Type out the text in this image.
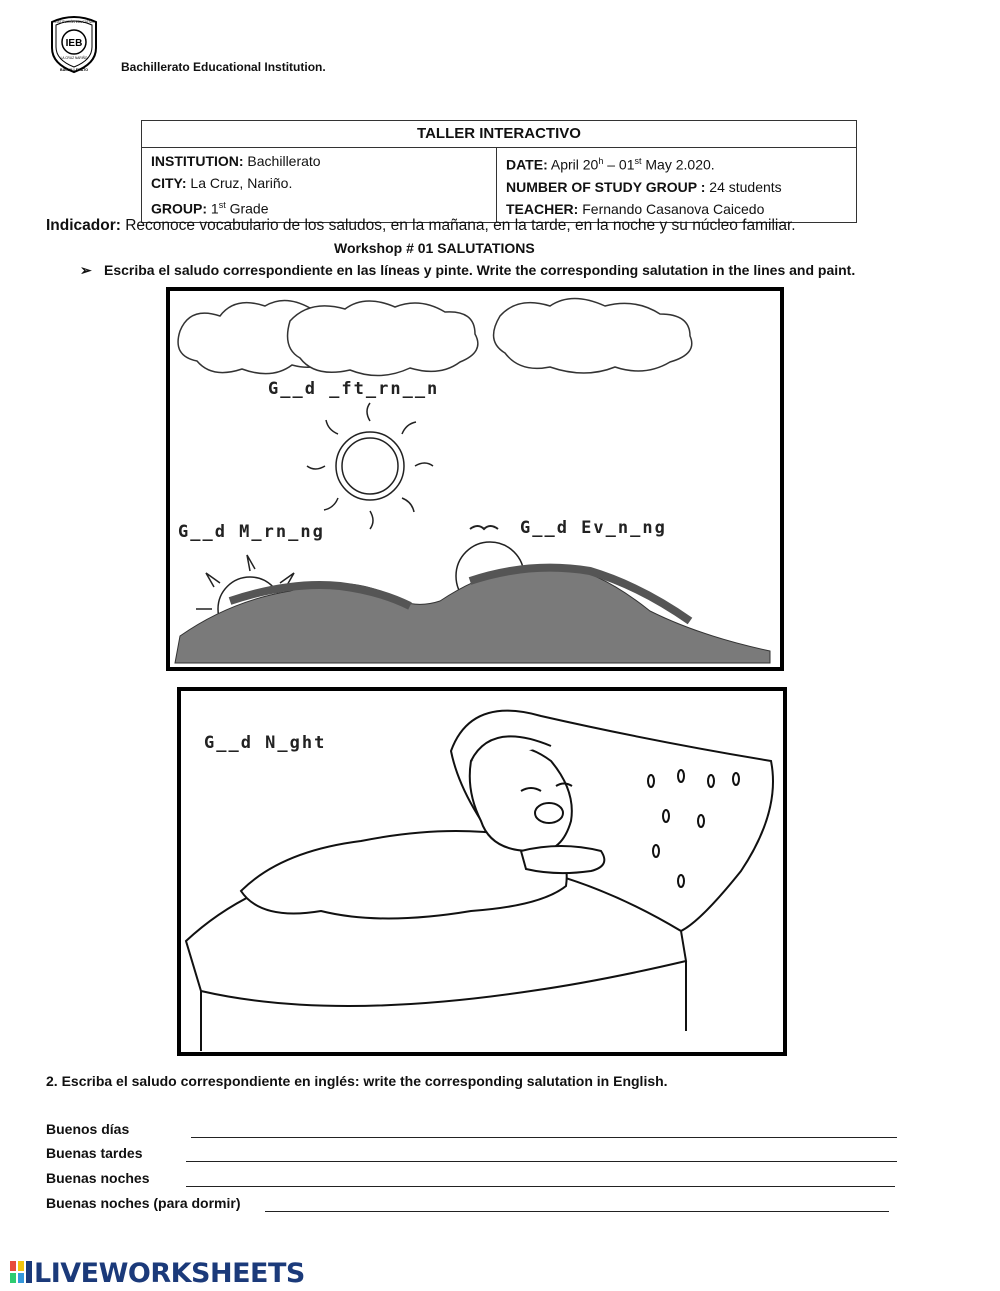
IEB
INSTITUCIÓN EDUCATIVA
LA CRUZ NARIÑO
BACHILLERATO	Bachillerato Educational Institution.
TALLER INTERACTIVO

INSTITUTION: Bachillerato
CITY: La Cruz, Nariño.
GROUP: 1st Grade

DATE: April 20$^h$ – 01st May 2.020.
NUMBER OF STUDY GROUP : 24 students
TEACHER: Fernando Casanova Caicedo
Indicador: Reconoce vocabulario de los saludos, en la mañana, en la tarde, en la noche y su núcleo familiar.
Workshop # 01 SALUTATIONS
➢ Escriba el saludo correspondiente en las líneas y pinte. Write the corresponding salutation in the lines and paint.
G__d _ft_rn__n
G__d M_rn_ng	G__d Ev_n_ng
G__d N_ght
2. Escriba el saludo correspondiente en inglés: write the corresponding salutation in English.
Buenos días
Buenas tardes
Buenas noches
Buenas noches (para dormir)
LIVEWORKSHEETS
